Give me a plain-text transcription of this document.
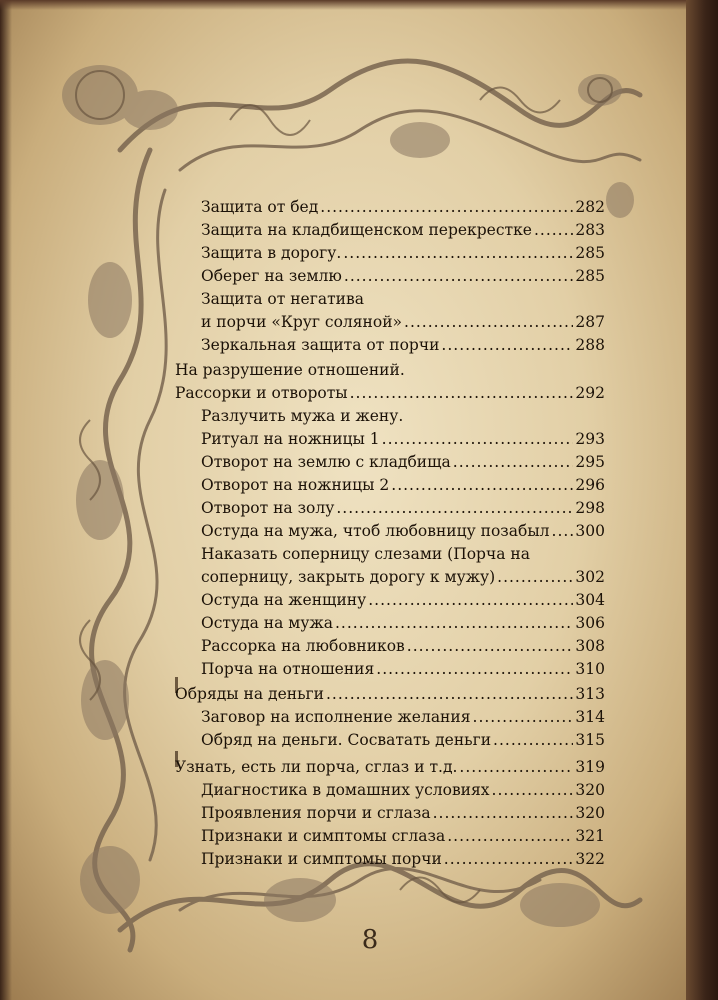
Защита от бед .....	282
Защита на кладбищенском перекрестке .....	283
Защита в дорогу. .....	285
Оберег на землю .....	285
Защита от негатива
и порчи «Круг соляной» .....	287
Зеркальная защита от порчи .....	288
На разрушение отношений.
Рассорки и отвороты .....	292
Разлучить мужа и жену.
Ритуал на ножницы 1 .....	293
Отворот на землю с кладбища .....	295
Отворот на ножницы 2 .....	296
Отворот на золу .....	298
Остуда на мужа, чтоб любовницу позабыл ..... 300
Наказать соперницу слезами (Порча на
соперницу, закрыть дорогу к мужу) .....	302
Остуда на женщину .....	304
Остуда на мужа .....	306
Рассорка на любовников .....	308
Порча на отношения .....	310
Обряды на деньги .....	313
Заговор на исполнение желания .....	314
Обряд на деньги. Сосватать деньги .....	315
Узнать, есть ли порча, сглаз и т.д. .....	319
Диагностика в домашних условиях .....	320
Проявления порчи и сглаза .....	320
Признаки и симптомы сглаза .....	321
Признаки и симптомы порчи .....	322
8
